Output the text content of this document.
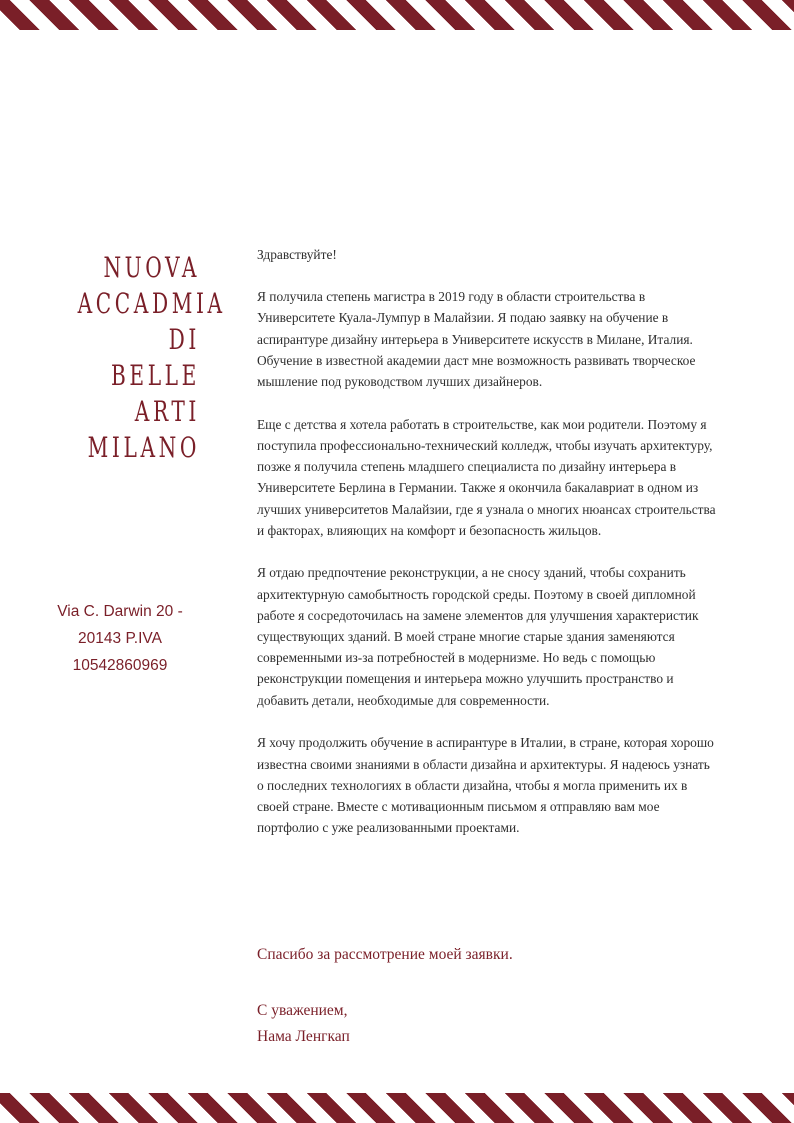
NUOVA
ACCADMIA
DI BELLE
ARTI
MILANO
Via C. Darwin 20 -
20143 P.IVA
10542860969

Здравствуйте!

Я получила степень магистра в 2019 году в области строительства в Университете Куала-Лумпур в Малайзии. Я подаю заявку на обучение в аспирантуре дизайну интерьера в Университете искусств в Милане, Италия. Обучение в известной академии даст мне возможность развивать творческое мышление под руководством лучших дизайнеров.

Еще с детства я хотела работать в строительстве, как мои родители. Поэтому я поступила профессионально-технический колледж, чтобы изучать архитектуру, позже я получила степень младшего специалиста по дизайну интерьера в Университете Берлина в Германии. Также я окончила бакалавриат в одном из лучших университетов Малайзии, где я узнала о многих нюансах строительства и факторах, влияющих на комфорт и безопасность жильцов.

Я отдаю предпочтение реконструкции, а не сносу зданий, чтобы сохранить архитектурную самобытность городской среды. Поэтому в своей дипломной работе я сосредоточилась на замене элементов для улучшения характеристик существующих зданий. В моей стране многие старые здания заменяются современными из-за потребностей в модернизме. Но ведь с помощью реконструкции помещения и интерьера можно улучшить пространство и добавить детали, необходимые для современности.

Я хочу продолжить обучение в аспирантуре в Италии, в стране, которая хорошо известна своими знаниями в области дизайна и архитектуры. Я надеюсь узнать о последних технологиях в области дизайна, чтобы я могла применить их в своей стране. Вместе с мотивационным письмом я отправляю вам мое портфолио с уже реализованными проектами.

Спасибо за рассмотрение моей заявки.
С уважением,
Нама Ленгкап
